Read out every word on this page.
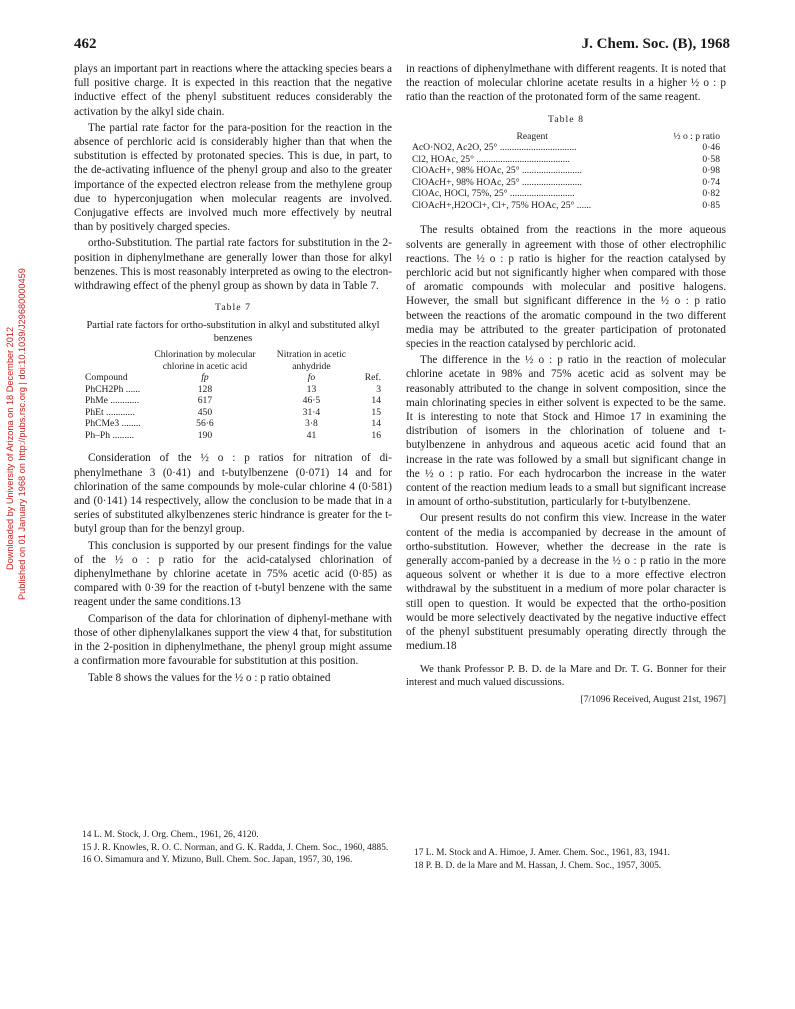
462	J. Chem. Soc. (B), 1968
Downloaded by University of Arizona on 18 December 2012 Published on 01 January 1968 on http://pubs.rsc.org | doi:10.1039/J29680000459

plays an important part in reactions where the attacking species bears a full positive charge. It is expected in this reaction that the negative inductive effect of the phenyl substituent reduces considerably the activation by the alkyl side chain.

The partial rate factor for the para-position for the reaction in the absence of perchloric acid is considerably higher than that when the substitution is effected by protonated species. This is due, in part, to the de-activating influence of the phenyl group and also to the greater importance of the expected electron release from the methylene group due to hyperconjugation when molecular reagents are involved. Conjugative effects are involved much more effectively by neutral than by positively charged species.

ortho-Substitution. The partial rate factors for substitution in the 2-position in diphenylmethane are generally lower than those for alkyl benzenes. This is most reasonably interpreted as owing to the electron-withdrawing effect of the phenyl group as shown by data in Table 7.

Table 7
Partial rate factors for ortho-substitution in alkyl and substituted alkyl benzenes
	Chlorination by molecular chlorine in acetic acid	Nitration in acetic anhydride	
Compound	fp	fo	Ref.
PhCH2Ph ......	128	13	3
PhMe ............	617	46·5	14
PhEt ............	450	31·4	15
PhCMe3 ........	56·6	3·8	14
Ph–Ph .........	190	41	16

Consideration of the ½ o : p ratios for nitration of di-phenylmethane 3 (0·41) and t-butylbenzene (0·071) 14 and for chlorination of the same compounds by mole-cular chlorine 4 (0·581) and (0·141) 14 respectively, allow the conclusion to be made that in a series of substituted alkylbenzenes steric hindrance is greater for the t-butyl group than for the benzyl group.

This conclusion is supported by our present findings for the value of the ½ o : p ratio for the acid-catalysed chlorination of diphenylmethane by chlorine acetate in 75% acetic acid (0·85) as compared with 0·39 for the reaction of t-butyl benzene with the same reagent under the same conditions.13

Comparison of the data for chlorination of diphenyl-methane with those of other diphenylalkanes support the view 4 that, for substitution in the 2-position in diphenylmethane, the phenyl group might assume a confirmation more favourable for substitution at this position.

Table 8 shows the values for the ½ o : p ratio obtained

14 L. M. Stock, J. Org. Chem., 1961, 26, 4120.

15 J. R. Knowles, R. O. C. Norman, and G. K. Radda, J. Chem. Soc., 1960, 4885.

16 O. Simamura and Y. Mizuno, Bull. Chem. Soc. Japan, 1957, 30, 196.

in reactions of diphenylmethane with different reagents. It is noted that the reaction of molecular chlorine acetate results in a higher ½ o : p ratio than the reaction of the protonated form of the same reagent.

Table 8
Reagent	½ o : p ratio
AcO·NO2, Ac2O, 25° ................................	0·46
Cl2, HOAc, 25° .......................................	0·58
ClOAcH+, 98% HOAc, 25° .........................	0·98
ClOAcH+, 98% HOAc, 25° .........................	0·74
ClOAc, HOCl, 75%, 25° ...........................	0·82
ClOAcH+,H2OCl+, Cl+, 75% HOAc, 25° ......	0·85

The results obtained from the reactions in the more aqueous solvents are generally in agreement with those of other electrophilic reactions. The ½ o : p ratio is higher for the reaction catalysed by perchloric acid but not significantly higher when compared with those of aromatic compounds with molecular and positive halogens. However, the small but significant difference in the ½ o : p ratio between the reactions of the aromatic compound in the two different media may be attributed to the greater participation of protonated species in the reaction catalysed by perchloric acid.

The difference in the ½ o : p ratio in the reaction of molecular chlorine acetate in 98% and 75% acetic acid as solvent may be reasonably attributed to the change in solvent composition, since the main chlorinating species in either solvent is expected to be the same. It is interesting to note that Stock and Himoe 17 in examining the distribution of isomers in the chlorination of toluene and t-butylbenzene in anhydrous and aqueous acetic acid found that an increase in the rate was followed by a small but significant change in the ½ o : p ratio. For each hydrocarbon the increase in the water content of the reaction medium leads to a small but significant increase in amount of ortho-substitution, particularly for t-butylbenzene.

Our present results do not confirm this view. Increase in the water content of the media is accompanied by decrease in the amount of ortho-substitution. However, whether the decrease in the rate is generally accom-panied by a decrease in the ½ o : p ratio in the more aqueous solvent or whether it is due to a more effective electron withdrawal by the substituent in a medium of more polar character is still open to question. It would be expected that the ortho-position would be more selectively deactivated by the negative inductive effect of the phenyl substituent presumably operating directly through the medium.18

We thank Professor P. B. D. de la Mare and Dr. T. G. Bonner for their interest and much valued discussions.

[7/1096 Received, August 21st, 1967]

17 L. M. Stock and A. Himoe, J. Amer. Chem. Soc., 1961, 83, 1941.

18 P. B. D. de la Mare and M. Hassan, J. Chem. Soc., 1957, 3005.
